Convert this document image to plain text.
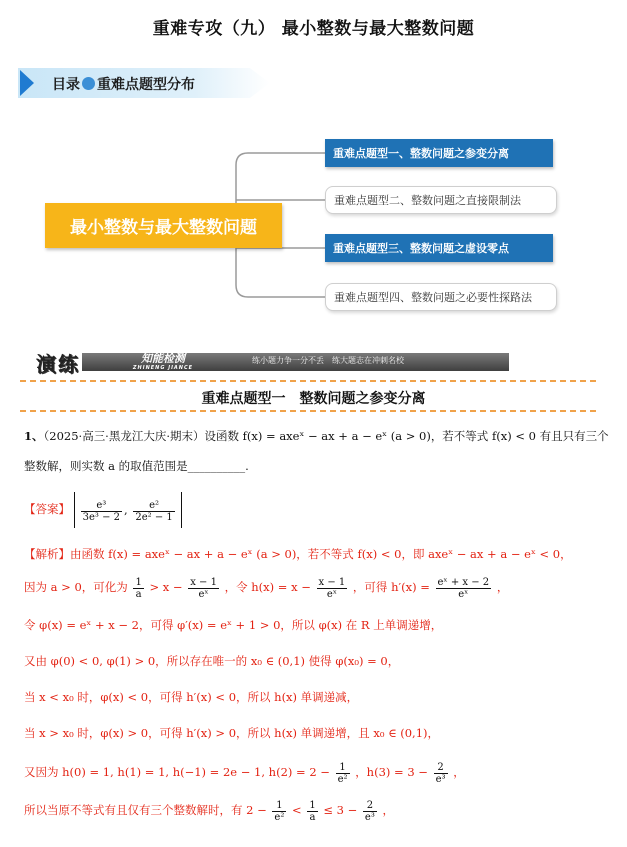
重难专攻（九） 最小整数与最大整数问题
目录 重难点题型分布
最小整数与最大整数问题
重难点题型一、整数问题之参变分离
重难点题型二、整数问题之直接限制法
重难点题型三、整数问题之虚设零点
重难点题型四、整数问题之必要性探路法
演练	知能检测
ZHINENG JIANCE
练小题力争一分不丢　练大题志在冲刺名校
重难点题型一　整数问题之参变分离
1、（2025·高三·黑龙江大庆·期末）设函数 f(x) = axeˣ − ax + a − eˣ (a > 0)，若不等式 f(x) < 0 有且只有三个
整数解，则实数 a 的取值范围是__________.
【答案】 $\frac{\text{e³}}{\text{3e³ − 2}}$ , $\frac{\text{e²}}{\text{2e² − 1}}$
【解析】由函数 f(x) = axeˣ − ax + a − eˣ (a > 0)，若不等式 f(x) < 0，即 axeˣ − ax + a − eˣ < 0，
因为 a > 0，可化为 $\frac{1}{a} > x - \frac{x - 1}{\text{eˣ}}$ ，令 $h(x) = x - \frac{x - 1}{\text{eˣ}}$ ，可得 $h'(x) = \frac{\text{eˣ + x − 2}}{\text{eˣ}}$ ，
令 φ(x) = eˣ + x − 2，可得 φ′(x) = eˣ + 1 > 0，所以 φ(x) 在 R 上单调递增，
又由 φ(0) < 0, φ(1) > 0，所以存在唯一的 x₀ ∈ (0,1) 使得 φ(x₀) = 0，
当 x < x₀ 时，φ(x) < 0，可得 h′(x) < 0，所以 h(x) 单调递减，
当 x > x₀ 时，φ(x) > 0，可得 h′(x) > 0，所以 h(x) 单调递增，且 x₀ ∈ (0,1)，
又因为 h(0) = 1, h(1) = 1, h(−1) = 2e − 1, $h(2) = 2 - \frac{1}{\text{e²}}$ ，$h(3) = 3 - \frac{2}{\text{e³}}$ ，
所以当原不等式有且仅有三个整数解时，有 $2 - \frac{1}{\text{e²}} < \frac{1}{a} \le 3 - \frac{2}{\text{e³}}$ ，
